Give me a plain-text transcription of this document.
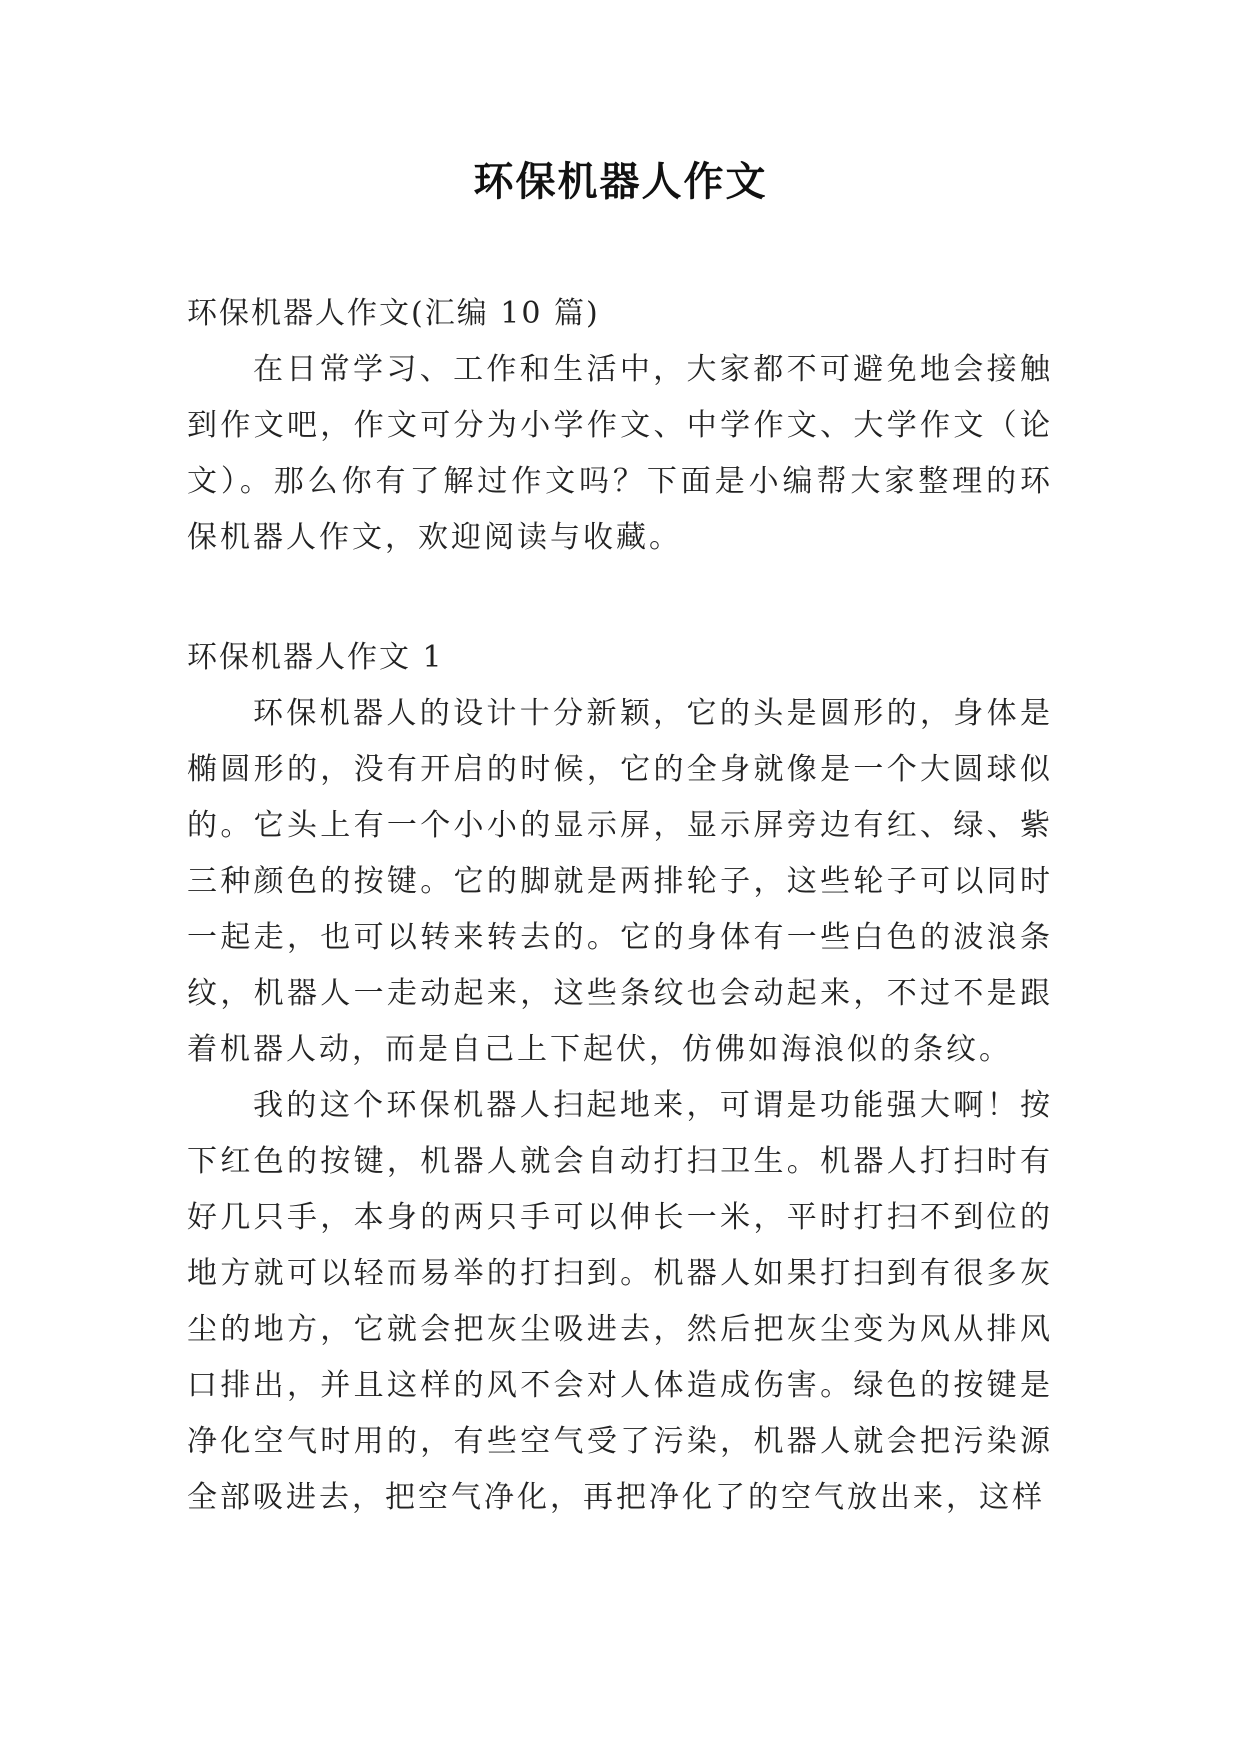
环保机器人作文

环保机器人作文(汇编 10 篇)

在日常学习、工作和生活中，大家都不可避免地会接触到作文吧，作文可分为小学作文、中学作文、大学作文（论文）。那么你有了解过作文吗？下面是小编帮大家整理的环保机器人作文，欢迎阅读与收藏。

环保机器人作文 1

环保机器人的设计十分新颖，它的头是圆形的，身体是椭圆形的，没有开启的时候，它的全身就像是一个大圆球似的。它头上有一个小小的显示屏，显示屏旁边有红、绿、紫三种颜色的按键。它的脚就是两排轮子，这些轮子可以同时一起走，也可以转来转去的。它的身体有一些白色的波浪条纹，机器人一走动起来，这些条纹也会动起来，不过不是跟着机器人动，而是自己上下起伏，仿佛如海浪似的条纹。

我的这个环保机器人扫起地来，可谓是功能强大啊！按下红色的按键，机器人就会自动打扫卫生。机器人打扫时有好几只手，本身的两只手可以伸长一米，平时打扫不到位的地方就可以轻而易举的打扫到。机器人如果打扫到有很多灰尘的地方，它就会把灰尘吸进去，然后把灰尘变为风从排风口排出，并且这样的风不会对人体造成伤害。绿色的按键是净化空气时用的，有些空气受了污染，机器人就会把污染源全部吸进去，把空气净化，再把净化了的空气放出来，这样
